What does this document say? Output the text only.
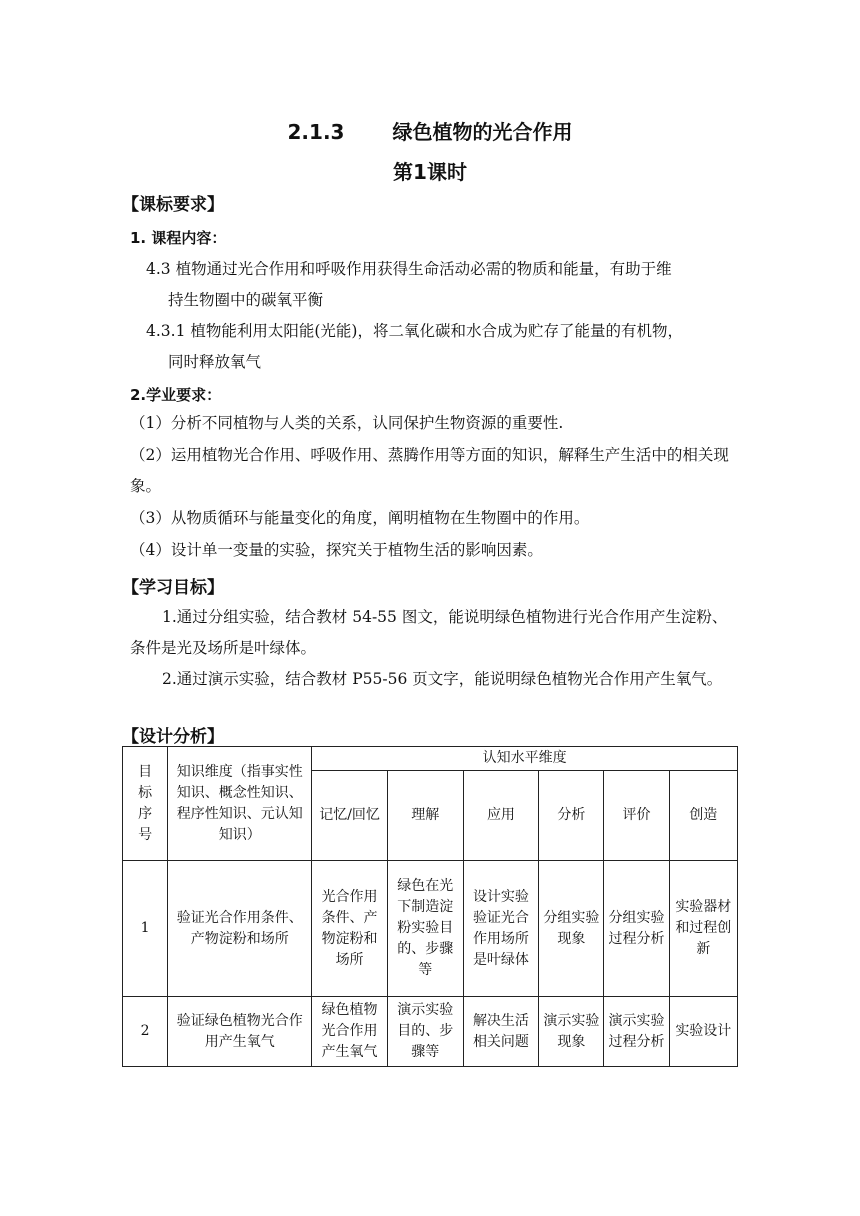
2.1.3 绿色植物的光合作用
第1课时
【课标要求】
1. 课程内容：
4.3 植物通过光合作用和呼吸作用获得生命活动必需的物质和能量，有助于维
持生物圈中的碳氧平衡
4.3.1 植物能利用太阳能(光能)，将二氧化碳和水合成为贮存了能量的有机物，
同时释放氧气
2.学业要求：
（1）分析不同植物与人类的关系，认同保护生物资源的重要性.
（2）运用植物光合作用、呼吸作用、蒸腾作用等方面的知识，解释生产生活中的相关现象。
（3）从物质循环与能量变化的角度，阐明植物在生物圈中的作用。
（4）设计单一变量的实验，探究关于植物生活的影响因素。
【学习目标】
1.通过分组实验，结合教材 54-55 图文，能说明绿色植物进行光合作用产生淀粉、条件是光及场所是叶绿体。
2.通过演示实验，结合教材 P55-56 页文字，能说明绿色植物光合作用产生氧气。
【设计分析】
目标序号	知识维度（指事实性知识、概念性知识、程序性知识、元认知知识）	认知水平维度					
		记忆/回忆	理解	应用	分析	评价	创造
1	验证光合作用条件、产物淀粉和场所	光合作用条件、产物淀粉和场所	绿色在光下制造淀粉实验目的、步骤等	设计实验验证光合作用场所是叶绿体	分组实验现象	分组实验过程分析	实验器材和过程创新
2	验证绿色植物光合作用产生氧气	绿色植物光合作用产生氧气	演示实验目的、步骤等	解决生活相关问题	演示实验现象	演示实验过程分析	实验设计
